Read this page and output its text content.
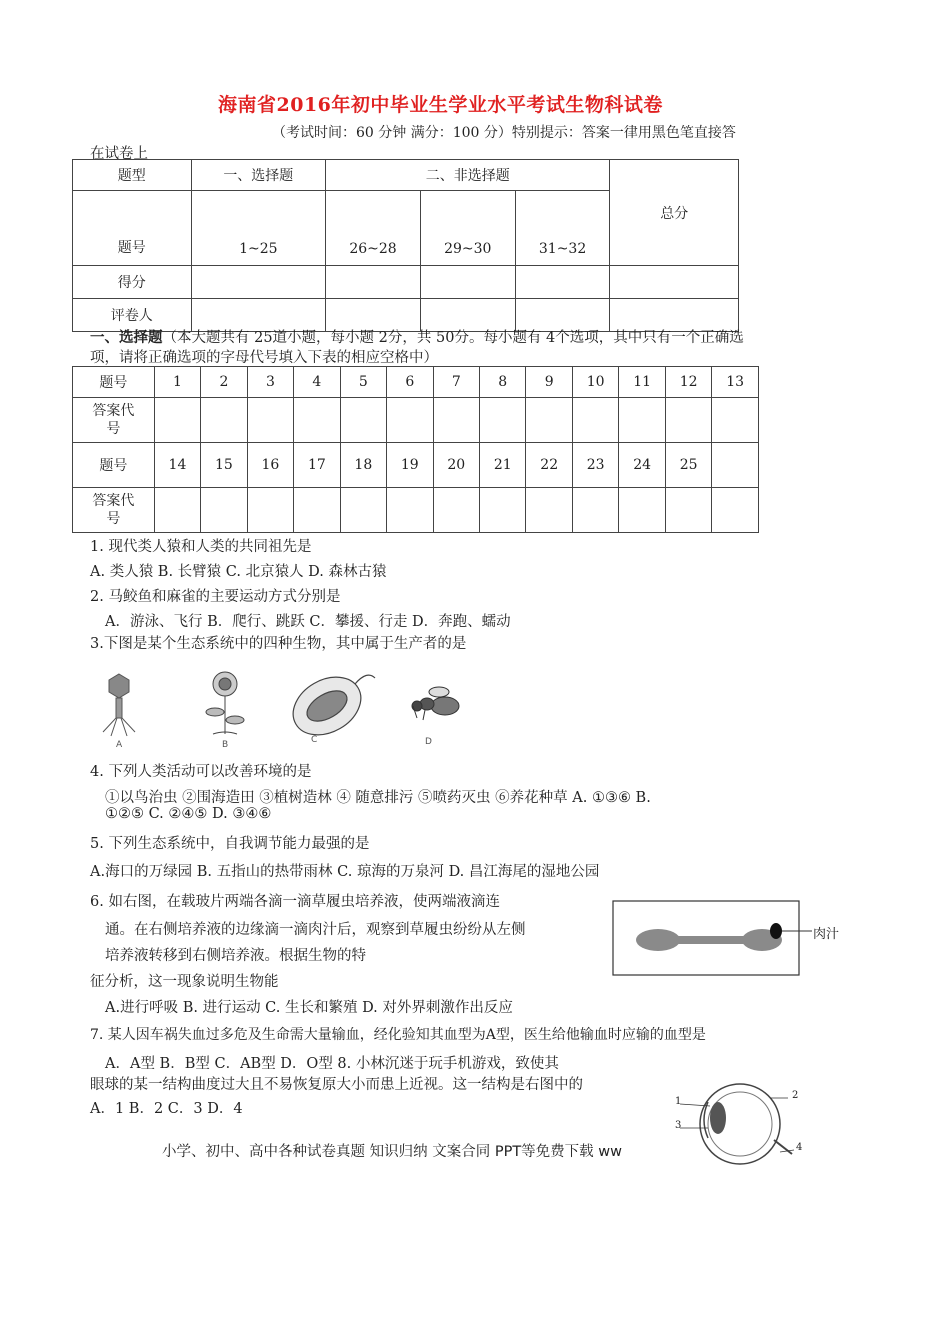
海南省2016年初中毕业生学业水平考试生物科试卷
（考试时间：60 分钟 满分：100 分）特别提示：答案一律用黑色笔直接答
在试卷上
题型	一、选择题	二、非选择题			总分
题号	1~25	26~28	29~30	31~32	
得分					
评卷人					
一、选择题（本大题共有 25道小题，每小题 2分，共 50分。每小题有 4个选项，其中只有一个正确选
项，请将正确选项的字母代号填入下表的相应空格中）
题号	1	2	3	4	5	6	7	8	9	10	11	12	13
答案代
号													
题号	14	15	16	17	18	19	20	21	22	23	24	25	
答案代
号													
1. 现代类人猿和人类的共同祖先是
A. 类人猿 B. 长臂猿 C. 北京猿人 D. 森林古猿
2. 马鲛鱼和麻雀的主要运动方式分别是
A．游泳、飞行 B．爬行、跳跃 C．攀援、行走 D．奔跑、蠕动
3.下图是某个生态系统中的四种生物，其中属于生产者的是
A	B	C	D
4. 下列人类活动可以改善环境的是
①以鸟治虫 ②围海造田 ③植树造林 ④ 随意排污 ⑤喷药灭虫 ⑥养花种草 A. ①③⑥ B.
①②⑤ C. ②④⑤ D. ③④⑥
5. 下列生态系统中，自我调节能力最强的是
A.海口的万绿园 B. 五指山的热带雨林 C. 琼海的万泉河 D. 昌江海尾的湿地公园
6. 如右图，在载玻片两端各滴一滴草履虫培养液，使两端液滴连
通。在右侧培养液的边缘滴一滴肉汁后，观察到草履虫纷纷从左侧
培养液转移到右侧培养液。根据生物的特
征分析，这一现象说明生物能
肉汁
A.进行呼吸 B. 进行运动 C. 生长和繁殖 D. 对外界刺激作出反应
7. 某人因车祸失血过多危及生命需大量输血，经化验知其血型为A型，医生给他输血时应输的血型是
A．A型 B．B型 C．AB型 D．O型 8. 小林沉迷于玩手机游戏，致使其
眼球的某一结构曲度过大且不易恢复原大小而患上近视。这一结构是右图中的
A．1 B．2 C．3 D．4	1
2
3
4
小学、初中、高中各种试卷真题 知识归纳 文案合同 PPT等免费下载 ww
